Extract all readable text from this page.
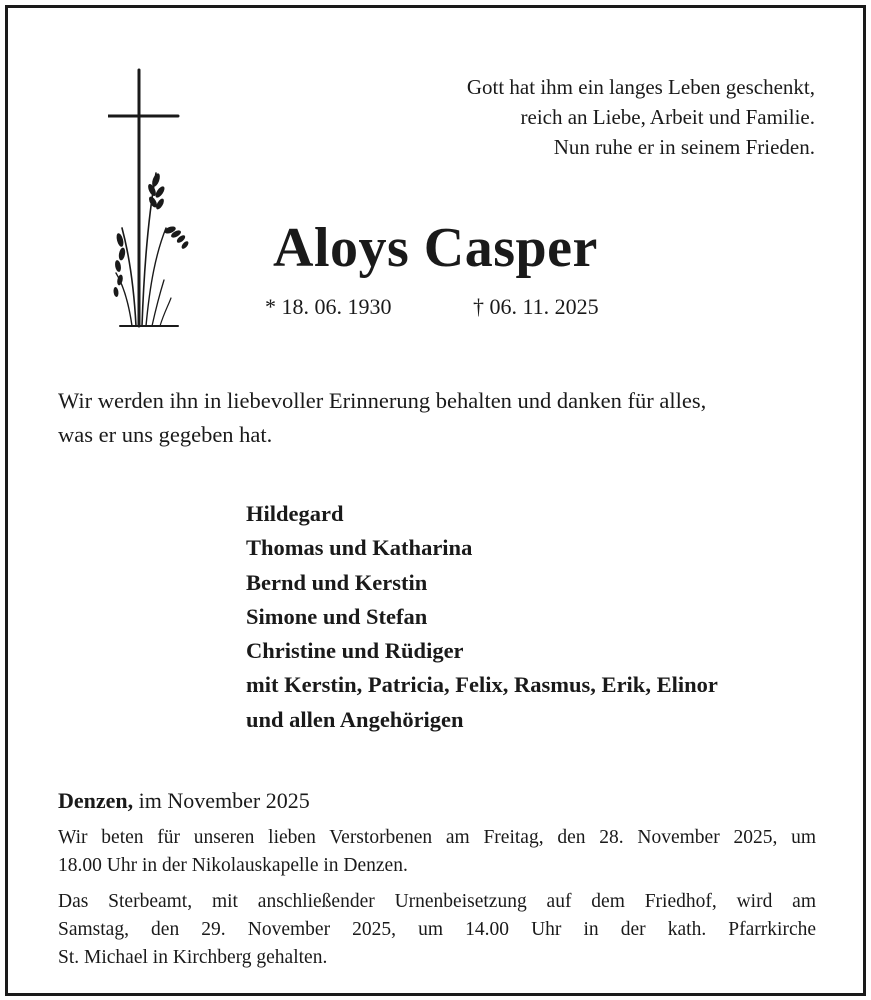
Gott hat ihm ein langes Leben geschenkt,
reich an Liebe, Arbeit und Familie.
Nun ruhe er in seinem Frieden.
Aloys Casper
* 18. 06. 1930	† 06. 11. 2025
Wir werden ihn in liebevoller Erinnerung behalten und danken für alles,
was er uns gegeben hat.
Hildegard
Thomas und Katharina
Bernd und Kerstin
Simone und Stefan
Christine und Rüdiger
mit Kerstin, Patricia, Felix, Rasmus, Erik, Elinor
und allen Angehörigen
Denzen, im November 2025
Wir beten für unseren lieben Verstorbenen am Freitag, den 28. November 2025, um
18.00 Uhr in der Nikolauskapelle in Denzen.
Das Sterbeamt, mit anschließender Urnenbeisetzung auf dem Friedhof, wird am
Samstag, den 29. November 2025, um 14.00 Uhr in der kath. Pfarrkirche
St. Michael in Kirchberg gehalten.
